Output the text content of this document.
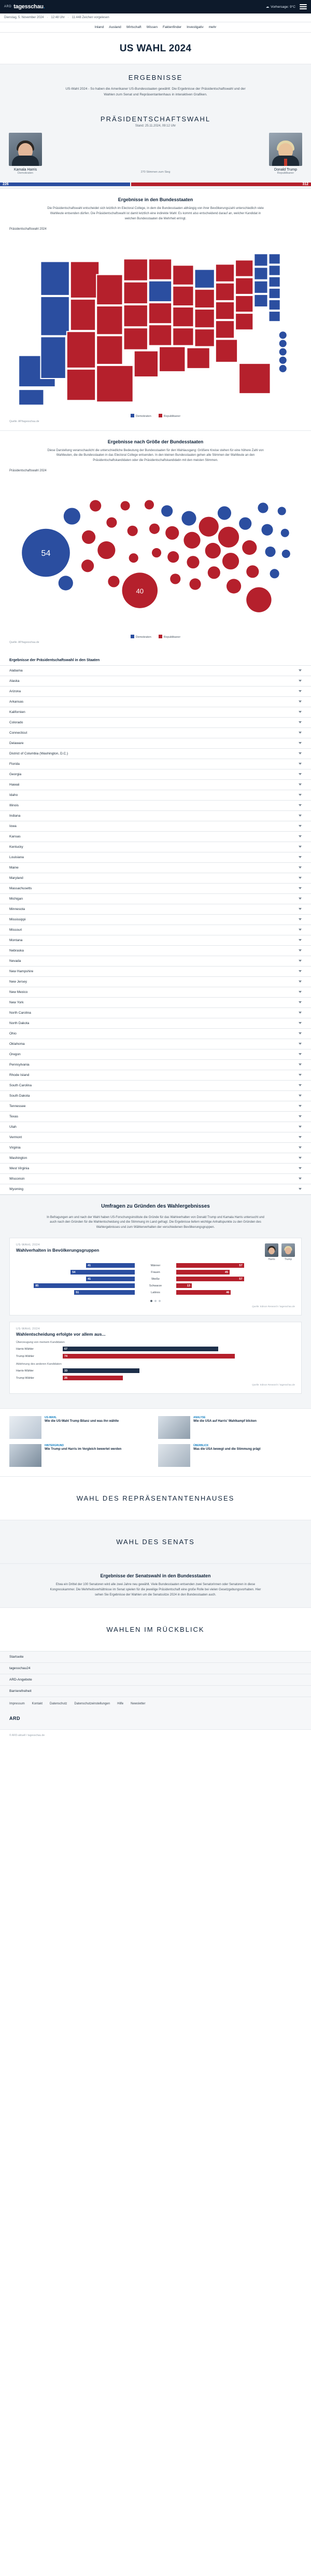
ARD tagesschau.	☁ Vorhersage: 9°C
Dienstag, 5. November 2024 · 12:48 Uhr · 11.448 Zeichen vorgelesen
Inland Ausland Wirtschaft Wissen Faktenfinder Investigativ mehr
US WAHL 2024
ERGEBNISSE
US-Wahl 2024 - So haben die Amerikaner US-Bundesstaaten gewählt: Die Ergebnisse der Präsidentschaftswahl und der Wahlen zum Senat und Repräsentantenhaus in interaktiven Grafiken.
PRÄSIDENTSCHAFTSWAHL
Stand: 25.11.2024, 09:12 Uhr
Kamala Harris
Demokraten	270 Stimmen zum Sieg
Donald Trump
Republikaner
226	312
Ergebnisse in den Bundesstaaten

Die Präsidentschaftswahl entscheidet sich letztlich im Electoral College, in dem die Bundesstaaten abhängig von ihrer Bevölkerungszahl unterschiedlich viele Wahlleute entsenden dürfen. Die Präsidentschaftswahl ist damit letztlich eine indirekte Wahl: Es kommt also entscheidend darauf an, welcher Kandidat in welchen Bundesstaaten die Mehrheit erringt.

Präsidentschaftswahl 2024
Demokraten	Republikaner
Quelle: AP/tagesschau.de
Ergebnisse nach Größe der Bundesstaaten

Diese Darstellung veranschaulicht die unterschiedliche Bedeutung der Bundesstaaten für den Wahlausgang: Größere Kreise stehen für eine höhere Zahl von Wahlleuten, die die Bundesstaaten in das Electoral College entsenden. In den kleinen Bundesstaaten gehen alle Stimmen der Wahlleute an den Präsidentschaftskandidaten oder die Präsidentschaftskandidatin mit den meisten Stimmen.

Präsidentschaftswahl 2024
54
40
Demokraten	Republikaner
Quelle: AP/tagesschau.de
Ergebnisse der Präsidentschaftswahl in den Staaten
Alabama
Alaska
Arizona
Arkansas
Kalifornien
Colorado
Connecticut
Delaware
District of Columbia (Washington, D.C.)
Florida
Georgia
Hawaii
Idaho
Illinois
Indiana
Iowa
Kansas
Kentucky
Louisiana
Maine
Maryland
Massachusetts
Michigan
Minnesota
Mississippi
Missouri
Montana
Nebraska
Nevada
New Hampshire
New Jersey
New Mexico
New York
North Carolina
North Dakota
Ohio
Oklahoma
Oregon
Pennsylvania
Rhode Island
South Carolina
South Dakota
Tennessee
Texas
Utah
Vermont
Virginia
Washington
West Virginia
Wisconsin
Wyoming
Umfragen zu Gründen des Wahlergebnisses

In Befragungen am und nach der Wahl haben US-Forschungsinstitute die Gründe für das Wahlverhalten von Donald Trump und Kamala Harris untersucht und auch nach den Gründen für die Wahlentscheidung und die Stimmung im Land gefragt. Die Ergebnisse liefern wichtige Anhaltspunkte zu den Gründen des Wahlergebnisses und zum Wählerverhalten der verschiedenen Bevölkerungsgruppen.

US-WAHL 2024
Wahlverhalten in Bevölkerungsgruppen
Harris	Trump
41	Männer	57
54	Frauen	45
41	Weiße	57
85	Schwarze	13
51	Latinos	46
Quelle: Edison Research / tagesschau.de
US-WAHL 2024
Wahlentscheidung erfolgte vor allem aus...
Überzeugung von meinem Kandidaten
Harris-Wähler	67
Trump-Wähler	74
Ablehnung des anderen Kandidaten
Harris-Wähler	33
Trump-Wähler	26
Quelle: Edison Research / tagesschau.de
US-WAHL
Wie die US-Wahl Trump Bilanz und was ihn wählte
ANALYSE
Wie die USA auf Harris' Wahlkampf blicken
HINTERGRUND
Wie Trump und Harris im Vergleich bewertet werden
ÜBERBLICK
Was die USA bewegt und die Stimmung prägt
WAHL DES REPRÄSENTANTENHAUSES
WAHL DES SENATS
Ergebnisse der Senatswahl in den Bundesstaaten

Etwa ein Drittel der 100 Senatoren wird alle zwei Jahre neu gewählt. Viele Bundesstaaten entsenden zwei Senatorinnen oder Senatoren in diese Kongresskammer. Die Mehrheitsverhältnisse im Senat spielen für die jeweilige Präsidentschaft eine große Rolle bei vielen Gesetzgebungsvorhaben. Hier sehen Sie Ergebnisse der Wahlen um die Senatssitze 2024 in den Bundesstaaten auch.

WAHLEN IM RÜCKBLICK
Startseite
tagesschau24
ARD-Angebote
Barrierefreiheit
Impressum Kontakt Datenschutz Datenschutzeinstellungen Hilfe Newsletter
ARD
© ARD-aktuell / tagesschau.de
